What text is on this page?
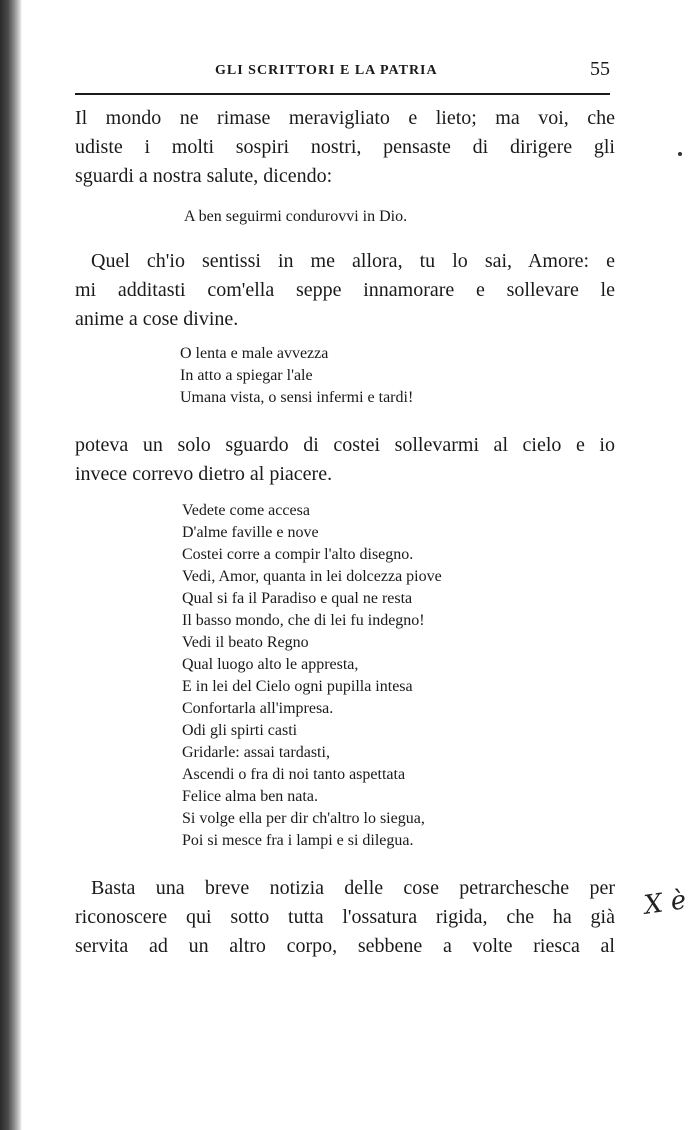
GLI SCRITTORI E LA PATRIA	55
Il mondo ne rimase meravigliato e lieto; ma voi, che
udiste i molti sospiri nostri, pensaste di dirigere gli
sguardi a nostra salute, dicendo:
A ben seguirmi condurovvi in Dio.
Quel ch'io sentissi in me allora, tu lo sai, Amore: e
mi additasti com'ella seppe innamorare e sollevare le
anime a cose divine.
O lenta e male avvezza
In atto a spiegar l'ale
Umana vista, o sensi infermi e tardi!
poteva un solo sguardo di costei sollevarmi al cielo e io
invece correvo dietro al piacere.
Vedete come accesa
D'alme faville e nove
Costei corre a compir l'alto disegno.
Vedi, Amor, quanta in lei dolcezza piove
Qual si fa il Paradiso e qual ne resta
Il basso mondo, che di lei fu indegno!
Vedi il beato Regno
Qual luogo alto le appresta,
E in lei del Cielo ogni pupilla intesa
Confortarla all'impresa.
Odi gli spirti casti
Gridarle: assai tardasti,
Ascendi o fra di noi tanto aspettata
Felice alma ben nata.
Si volge ella per dir ch'altro lo siegua,
Poi si mesce fra i lampi e si dilegua.
Basta una breve notizia delle cose petrarchesche per
riconoscere qui sotto tutta l'ossatura rigida, che ha già
servita ad un altro corpo, sebbene a volte riesca al
X è
